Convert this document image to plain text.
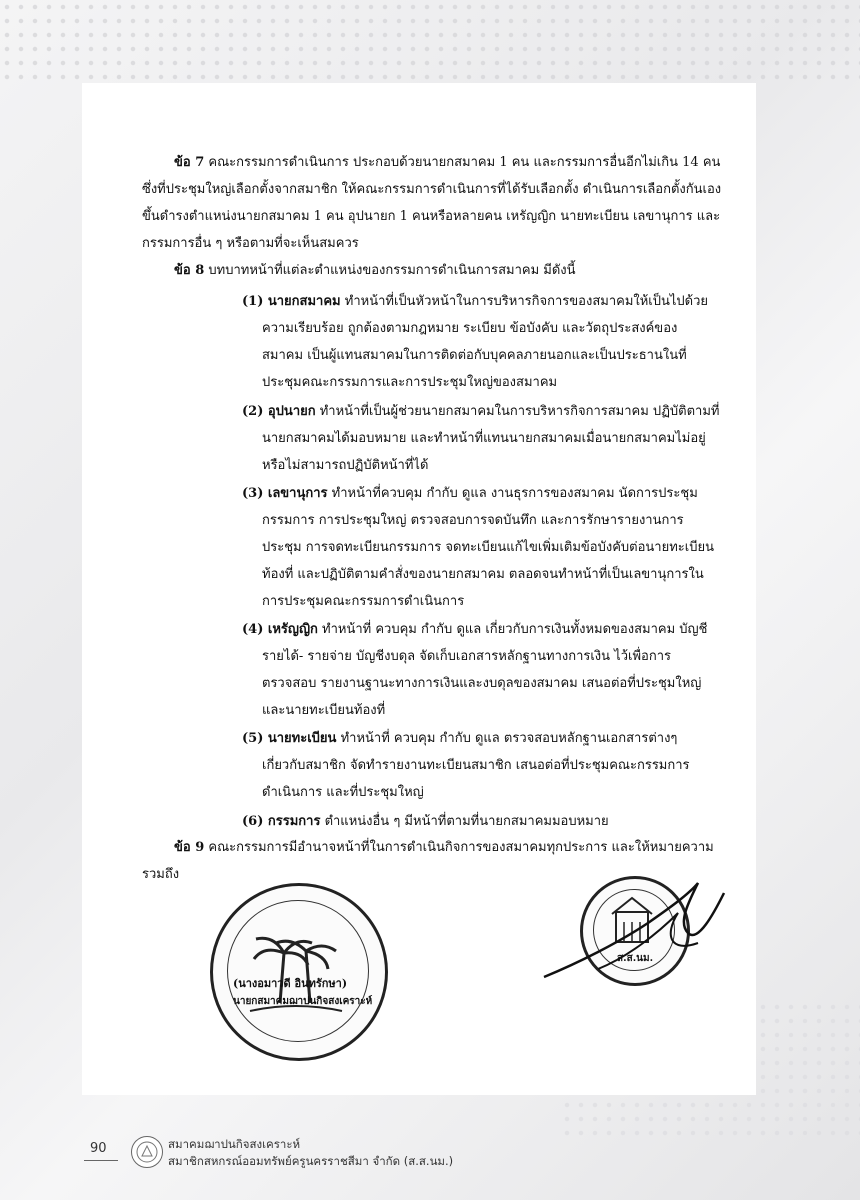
ข้อ 7 คณะกรรมการดำเนินการ ประกอบด้วยนายกสมาคม 1 คน และกรรมการอื่นอีกไม่เกิน 14 คน
ซึ่งที่ประชุมใหญ่เลือกตั้งจากสมาชิก ให้คณะกรรมการดำเนินการที่ได้รับเลือกตั้ง ดำเนินการเลือกตั้งกันเอง
ขึ้นดำรงตำแหน่งนายกสมาคม 1 คน อุปนายก 1 คนหรือหลายคน เหรัญญิก นายทะเบียน เลขานุการ และ
กรรมการอื่น ๆ หรือตามที่จะเห็นสมควร
ข้อ 8 บทบาทหน้าที่แต่ละตำแหน่งของกรรมการดำเนินการสมาคม มีดังนี้
(1) นายกสมาคม ทำหน้าที่เป็นหัวหน้าในการบริหารกิจการของสมาคมให้เป็นไปด้วย
ความเรียบร้อย ถูกต้องตามกฎหมาย ระเบียบ ข้อบังคับ และวัตถุประสงค์ของ
สมาคม เป็นผู้แทนสมาคมในการติดต่อกับบุคคลภายนอกและเป็นประธานในที่
ประชุมคณะกรรมการและการประชุมใหญ่ของสมาคม
(2) อุปนายก ทำหน้าที่เป็นผู้ช่วยนายกสมาคมในการบริหารกิจการสมาคม ปฏิบัติตามที่
นายกสมาคมได้มอบหมาย และทำหน้าที่แทนนายกสมาคมเมื่อนายกสมาคมไม่อยู่
หรือไม่สามารถปฏิบัติหน้าที่ได้
(3) เลขานุการ ทำหน้าที่ควบคุม กำกับ ดูแล งานธุรการของสมาคม นัดการประชุม
กรรมการ การประชุมใหญ่ ตรวจสอบการจดบันทึก และการรักษารายงานการ
ประชุม การจดทะเบียนกรรมการ จดทะเบียนแก้ไขเพิ่มเติมข้อบังคับต่อนายทะเบียน
ท้องที่ และปฏิบัติตามคำสั่งของนายกสมาคม ตลอดจนทำหน้าที่เป็นเลขานุการใน
การประชุมคณะกรรมการดำเนินการ
(4) เหรัญญิก ทำหน้าที่ ควบคุม กำกับ ดูแล เกี่ยวกับการเงินทั้งหมดของสมาคม บัญชี
รายได้- รายจ่าย บัญชีงบดุล จัดเก็บเอกสารหลักฐานทางการเงิน ไว้เพื่อการ
ตรวจสอบ รายงานฐานะทางการเงินและงบดุลของสมาคม เสนอต่อที่ประชุมใหญ่
และนายทะเบียนท้องที่
(5) นายทะเบียน ทำหน้าที่ ควบคุม กำกับ ดูแล ตรวจสอบหลักฐานเอกสารต่างๆ
เกี่ยวกับสมาชิก จัดทำรายงานทะเบียนสมาชิก เสนอต่อที่ประชุมคณะกรรมการ
ดำเนินการ และที่ประชุมใหญ่
(6) กรรมการ ตำแหน่งอื่น ๆ มีหน้าที่ตามที่นายกสมาคมมอบหมาย
ข้อ 9 คณะกรรมการมีอำนาจหน้าที่ในการดำเนินกิจการของสมาคมทุกประการ และให้หมายความ
รวมถึง
(นางอมาวดี อินทรักษา)
นายกสมาคมฌาปนกิจสงเคราะห์
ส.ส.นม.
90	สมาคมฌาปนกิจสงเคราะห์
สมาชิกสหกรณ์ออมทรัพย์ครูนครราชสีมา จำกัด (ส.ส.นม.)
